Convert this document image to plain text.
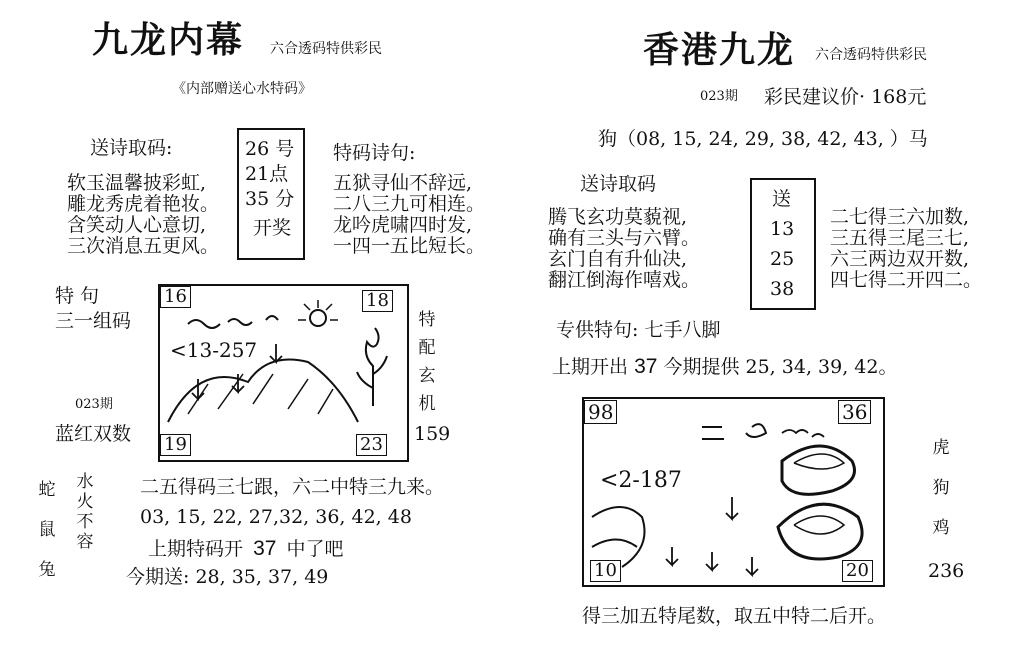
九龙内幕 六合透码特供彩民
《内部赠送心水特码》
送诗取码:
软玉温馨披彩虹,
雕龙秀虎着艳妆。
含笑动人心意切,
三次消息五更风。
26 号
21点
35 分
开奖
特码诗句:
五狱寻仙不辞远,
二八三九可相连。
龙吟虎啸四时发,
一四一五比短长。
特 句
三一组码
023期
蓝红双数
16	18
19	23
<13-257
特
配
玄
机
159
蛇
鼠
兔
水
火
不
容
二五得码三七跟，六二中特三九来。
03, 15, 22, 27,32, 36, 42, 48
上期特码开 37 中了吧
今期送: 28, 35, 37, 49
香港九龙 六合透码特供彩民
023期 彩民建议价· 168元
狗（08, 15, 24, 29, 38, 42, 43, ）马
送诗取码
腾飞玄功莫藐视,
确有三头与六臂。
玄门自有升仙决,
翻江倒海作嘻戏。
送
13
25
38
二七得三六加数,
三五得三尾三七,
六三两边双开数,
四七得二开四二。
专供特句: 七手八脚
上期开出 37 今期提供 25, 34, 39, 42。
98	36
10	20
<2-187
虎
狗
鸡
236
得三加五特尾数，取五中特二后开。
